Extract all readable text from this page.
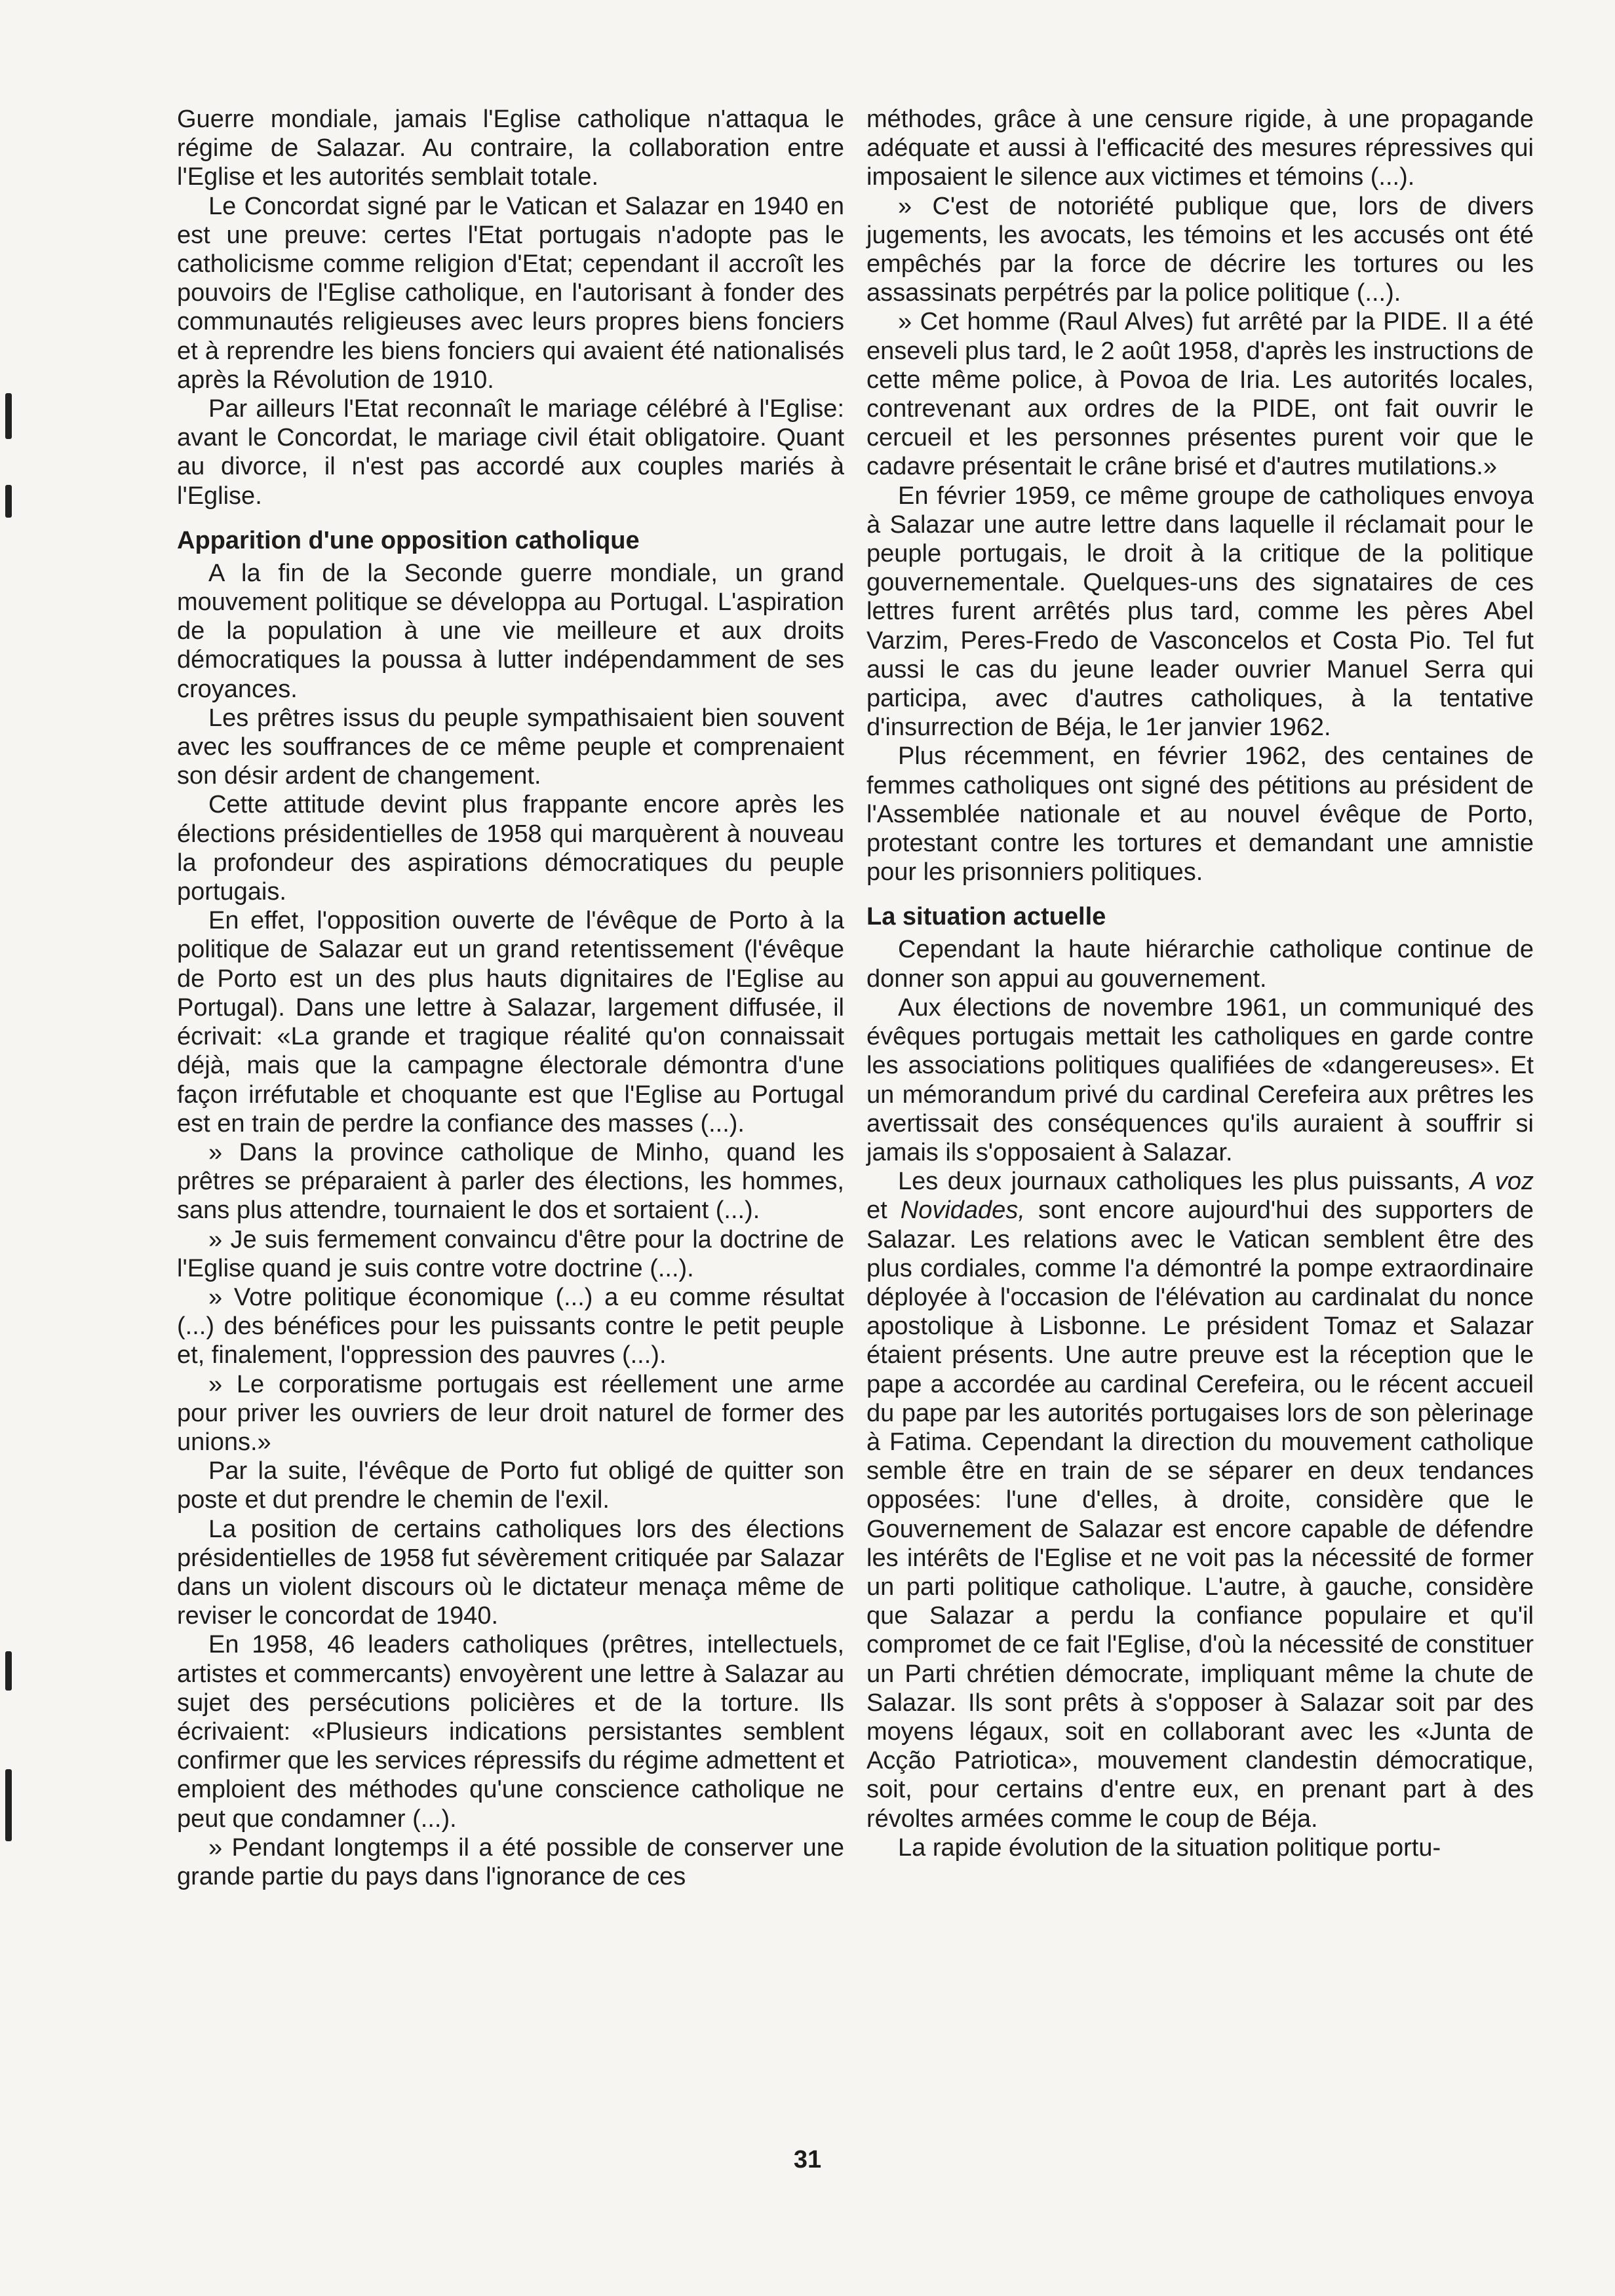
Guerre mondiale, jamais l'Eglise catholique n'attaqua le régime de Salazar. Au contraire, la collaboration entre l'Eglise et les autorités semblait totale.

Le Concordat signé par le Vatican et Salazar en 1940 en est une preuve: certes l'Etat portugais n'adopte pas le catholicisme comme religion d'Etat; cependant il accroît les pouvoirs de l'Eglise catholique, en l'autorisant à fonder des communautés religieuses avec leurs propres biens fonciers et à reprendre les biens fonciers qui avaient été nationalisés après la Révolution de 1910.

Par ailleurs l'Etat reconnaît le mariage célébré à l'Eglise: avant le Concordat, le mariage civil était obligatoire. Quant au divorce, il n'est pas accordé aux couples mariés à l'Eglise.

Apparition d'une opposition catholique

A la fin de la Seconde guerre mondiale, un grand mouvement politique se développa au Portugal. L'aspiration de la population à une vie meilleure et aux droits démocratiques la poussa à lutter indépendamment de ses croyances.

Les prêtres issus du peuple sympathisaient bien souvent avec les souffrances de ce même peuple et comprenaient son désir ardent de changement.

Cette attitude devint plus frappante encore après les élections présidentielles de 1958 qui marquèrent à nouveau la profondeur des aspirations démocratiques du peuple portugais.

En effet, l'opposition ouverte de l'évêque de Porto à la politique de Salazar eut un grand retentissement (l'évêque de Porto est un des plus hauts dignitaires de l'Eglise au Portugal). Dans une lettre à Salazar, largement diffusée, il écrivait: «La grande et tragique réalité qu'on connaissait déjà, mais que la campagne électorale démontra d'une façon irréfutable et choquante est que l'Eglise au Portugal est en train de perdre la confiance des masses (...).

» Dans la province catholique de Minho, quand les prêtres se préparaient à parler des élections, les hommes, sans plus attendre, tournaient le dos et sortaient (...).

» Je suis fermement convaincu d'être pour la doctrine de l'Eglise quand je suis contre votre doctrine (...).

» Votre politique économique (...) a eu comme résultat (...) des bénéfices pour les puissants contre le petit peuple et, finalement, l'oppression des pauvres (...).

» Le corporatisme portugais est réellement une arme pour priver les ouvriers de leur droit naturel de former des unions.»

Par la suite, l'évêque de Porto fut obligé de quitter son poste et dut prendre le chemin de l'exil.

La position de certains catholiques lors des élections présidentielles de 1958 fut sévèrement critiquée par Salazar dans un violent discours où le dictateur menaça même de reviser le concordat de 1940.

En 1958, 46 leaders catholiques (prêtres, intellectuels, artistes et commercants) envoyèrent une lettre à Salazar au sujet des persécutions policières et de la torture. Ils écrivaient: «Plusieurs indications persistantes semblent confirmer que les services répressifs du régime admettent et emploient des méthodes qu'une conscience catholique ne peut que condamner (...).

» Pendant longtemps il a été possible de conserver une grande partie du pays dans l'ignorance de ces

méthodes, grâce à une censure rigide, à une propagande adéquate et aussi à l'efficacité des mesures répressives qui imposaient le silence aux victimes et témoins (...).

» C'est de notoriété publique que, lors de divers jugements, les avocats, les témoins et les accusés ont été empêchés par la force de décrire les tortures ou les assassinats perpétrés par la police politique (...).

» Cet homme (Raul Alves) fut arrêté par la PIDE. Il a été enseveli plus tard, le 2 août 1958, d'après les instructions de cette même police, à Povoa de Iria. Les autorités locales, contrevenant aux ordres de la PIDE, ont fait ouvrir le cercueil et les personnes présentes purent voir que le cadavre présentait le crâne brisé et d'autres mutilations.»

En février 1959, ce même groupe de catholiques envoya à Salazar une autre lettre dans laquelle il réclamait pour le peuple portugais, le droit à la critique de la politique gouvernementale. Quelques-uns des signataires de ces lettres furent arrêtés plus tard, comme les pères Abel Varzim, Peres-Fredo de Vasconcelos et Costa Pio. Tel fut aussi le cas du jeune leader ouvrier Manuel Serra qui participa, avec d'autres catholiques, à la tentative d'insurrection de Béja, le 1er janvier 1962.

Plus récemment, en février 1962, des centaines de femmes catholiques ont signé des pétitions au président de l'Assemblée nationale et au nouvel évêque de Porto, protestant contre les tortures et demandant une amnistie pour les prisonniers politiques.

La situation actuelle

Cependant la haute hiérarchie catholique continue de donner son appui au gouvernement.

Aux élections de novembre 1961, un communiqué des évêques portugais mettait les catholiques en garde contre les associations politiques qualifiées de «dangereuses». Et un mémorandum privé du cardinal Cerefeira aux prêtres les avertissait des conséquences qu'ils auraient à souffrir si jamais ils s'opposaient à Salazar.

Les deux journaux catholiques les plus puissants, A voz et Novidades, sont encore aujourd'hui des supporters de Salazar. Les relations avec le Vatican semblent être des plus cordiales, comme l'a démontré la pompe extraordinaire déployée à l'occasion de l'élévation au cardinalat du nonce apostolique à Lisbonne. Le président Tomaz et Salazar étaient présents. Une autre preuve est la réception que le pape a accordée au cardinal Cerefeira, ou le récent accueil du pape par les autorités portugaises lors de son pèlerinage à Fatima. Cependant la direction du mouvement catholique semble être en train de se séparer en deux tendances opposées: l'une d'elles, à droite, considère que le Gouvernement de Salazar est encore capable de défendre les intérêts de l'Eglise et ne voit pas la nécessité de former un parti politique catholique. L'autre, à gauche, considère que Salazar a perdu la confiance populaire et qu'il compromet de ce fait l'Eglise, d'où la nécessité de constituer un Parti chrétien démocrate, impliquant même la chute de Salazar. Ils sont prêts à s'opposer à Salazar soit par des moyens légaux, soit en collaborant avec les «Junta de Acção Patriotica», mouvement clandestin démocratique, soit, pour certains d'entre eux, en prenant part à des révoltes armées comme le coup de Béja.

La rapide évolution de la situation politique portu-

31
